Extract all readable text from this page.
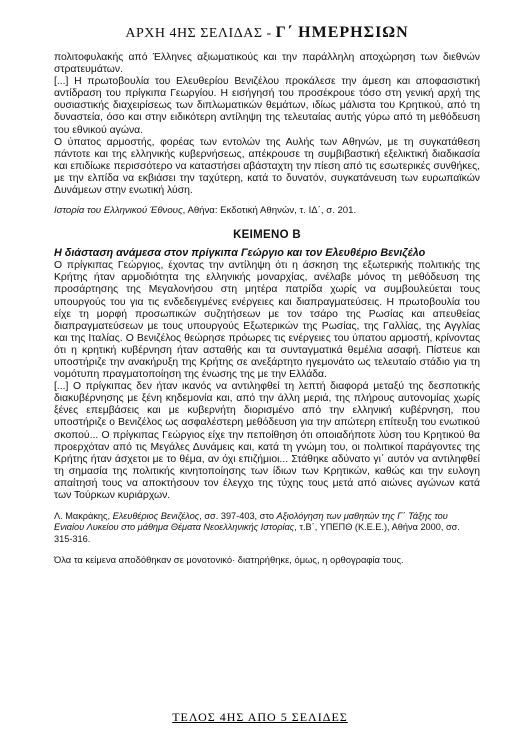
ΑΡΧΗ 4ΗΣ ΣΕΛΙΔΑΣ - Γ΄ ΗΜΕΡΗΣΙΩΝ

πολιτοφυλακής από Έλληνες αξιωματικούς και την παράλληλη αποχώρηση των διεθνών στρατευμάτων.

[...] Η πρωτοβουλία του Ελευθερίου Βενιζέλου προκάλεσε την άμεση και αποφασιστική αντίδραση του πρίγκιπα Γεωργίου. Η εισήγησή του προσέκρουε τόσο στη γενική αρχή της ουσιαστικής διαχειρίσεως των διπλωματικών θεμάτων, ιδίως μάλιστα του Κρητικού, από τη δυναστεία, όσο και στην ειδικότερη αντίληψη της τελευταίας αυτής γύρω από τη μεθόδευση του εθνικού αγώνα.

Ο ύπατος αρμοστής, φορέας των εντολών της Αυλής των Αθηνών, με τη συγκατάθεση πάντοτε και της ελληνικής κυβερνήσεως, απέκρουσε τη συμβιβαστική εξελικτική διαδικασία και επιδίωκε περισσότερο να καταστήσει αβάσταχτη την πίεση από τις εσωτερικές συνθήκες, με την ελπίδα να εκβιάσει την ταχύτερη, κατά το δυνατόν, συγκατάνευση των ευρωπαϊκών Δυνάμεων στην ενωτική λύση.

Ιστορία του Ελληνικού Έθνους, Αθήνα: Εκδοτική Αθηνών, τ. ΙΔ΄, σ. 201.

ΚΕΙΜΕΝΟ Β
Η διάσταση ανάμεσα στον πρίγκιπα Γεώργιο και τον Ελευθέριο Βενιζέλο

Ο πρίγκιπας Γεώργιος, έχοντας την αντίληψη ότι η άσκηση της εξωτερικής πολιτικής της Κρήτης ήταν αρμοδιότητα της ελληνικής μοναρχίας, ανέλαβε μόνος τη μεθόδευση της προσάρτησης της Μεγαλονήσου στη μητέρα πατρίδα χωρίς να συμβουλεύεται τους υπουργούς του για τις ενδεδειγμένες ενέργειες και διαπραγματεύσεις. Η πρωτοβουλία του είχε τη μορφή προσωπικών συζητήσεων με τον τσάρο της Ρωσίας και απευθείας διαπραγματεύσεων με τους υπουργούς Εξωτερικών της Ρωσίας, της Γαλλίας, της Αγγλίας και της Ιταλίας. Ο Βενιζέλος θεώρησε πρόωρες τις ενέργειες του ύπατου αρμοστή, κρίνοντας ότι η κρητική κυβέρνηση ήταν ασταθής και τα συνταγματικά θεμέλια ασαφή. Πίστευε και υποστήριζε την ανακήρυξη της Κρήτης σε ανεξάρτητο ηγεμονάτο ως τελευταίο στάδιο για τη νομότυπη πραγματοποίηση της ένωσης της με την Ελλάδα.

[...] Ο πρίγκιπας δεν ήταν ικανός να αντιληφθεί τη λεπτή διαφορά μεταξύ της δεσποτικής διακυβέρνησης με ξένη κηδεμονία και, από την άλλη μεριά, της πλήρους αυτονομίας χωρίς ξένες επεμβάσεις και με κυβερνήτη διορισμένο από την ελληνική κυβέρνηση, που υποστήριζε ο Βενιζέλος ως ασφαλέστερη μεθόδευση για την απώτερη επίτευξη του ενωτικού σκοπού... Ο πρίγκιπας Γεώργιος είχε την πεποίθηση ότι οποιαδήποτε λύση του Κρητικού θα προερχόταν από τις Μεγάλες Δυνάμεις και, κατά τη γνώμη του, οι πολιτικοί παράγοντες της Κρήτης ήταν άσχετοι με το θέμα, αν όχι επιζήμιοι... Στάθηκε αδύνατο γι΄ αυτόν να αντιληφθεί τη σημασία της πολιτικής κινητοποίησης των ίδιων των Κρητικών, καθώς και την ευλογη απαίτησή τους να αποκτήσουν τον έλεγχο της τύχης τους μετά από αιώνες αγώνων κατά των Τούρκων κυριάρχων.

Λ. Μακράκης, Ελευθέριος Βενιζέλος, σσ. 397-403, στο Αξιολόγηση των μαθητών της Γ΄ Τάξης του Ενιαίου Λυκείου στο μάθημα Θέματα Νεοελληνικής Ιστορίας, τ.Β΄, ΥΠΕΠΘ (Κ.Ε.Ε.), Αθήνα 2000, σσ. 315-316.

Όλα τα κείμενα αποδόθηκαν σε μονοτονικό· διατηρήθηκε, όμως, η ορθογραφία τους.

ΤΕΛΟΣ 4ΗΣ ΑΠΟ 5 ΣΕΛΙΔΕΣ
